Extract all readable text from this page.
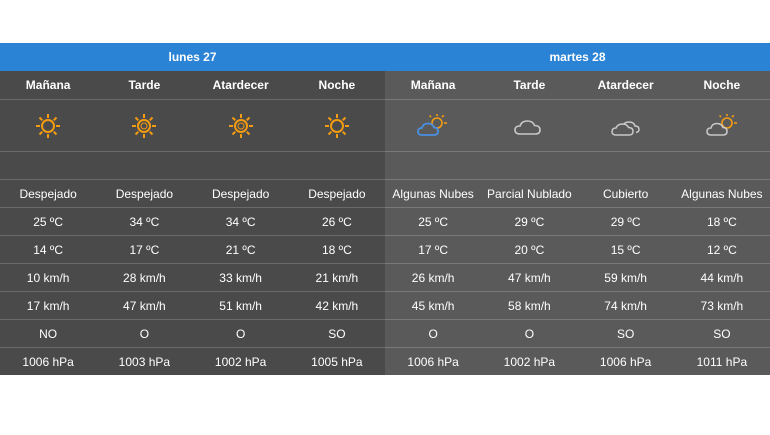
lunes 27
Mañana	Tarde	Atardecer	Noche
Despejado	Despejado	Despejado	Despejado
25 ºC	34 ºC	34 ºC	26 ºC
14 ºC	17 ºC	21 ºC	18 ºC
10 km/h	28 km/h	33 km/h	21 km/h
17 km/h	47 km/h	51 km/h	42 km/h
NO	O	O	SO
1006 hPa	1003 hPa	1002 hPa	1005 hPa
martes 28
Mañana	Tarde	Atardecer	Noche
Algunas Nubes	Parcial Nublado	Cubierto	Algunas Nubes
25 ºC	29 ºC	29 ºC	18 ºC
17 ºC	20 ºC	15 ºC	12 ºC
26 km/h	47 km/h	59 km/h	44 km/h
45 km/h	58 km/h	74 km/h	73 km/h
O	O	SO	SO
1006 hPa	1002 hPa	1006 hPa	1011 hPa
